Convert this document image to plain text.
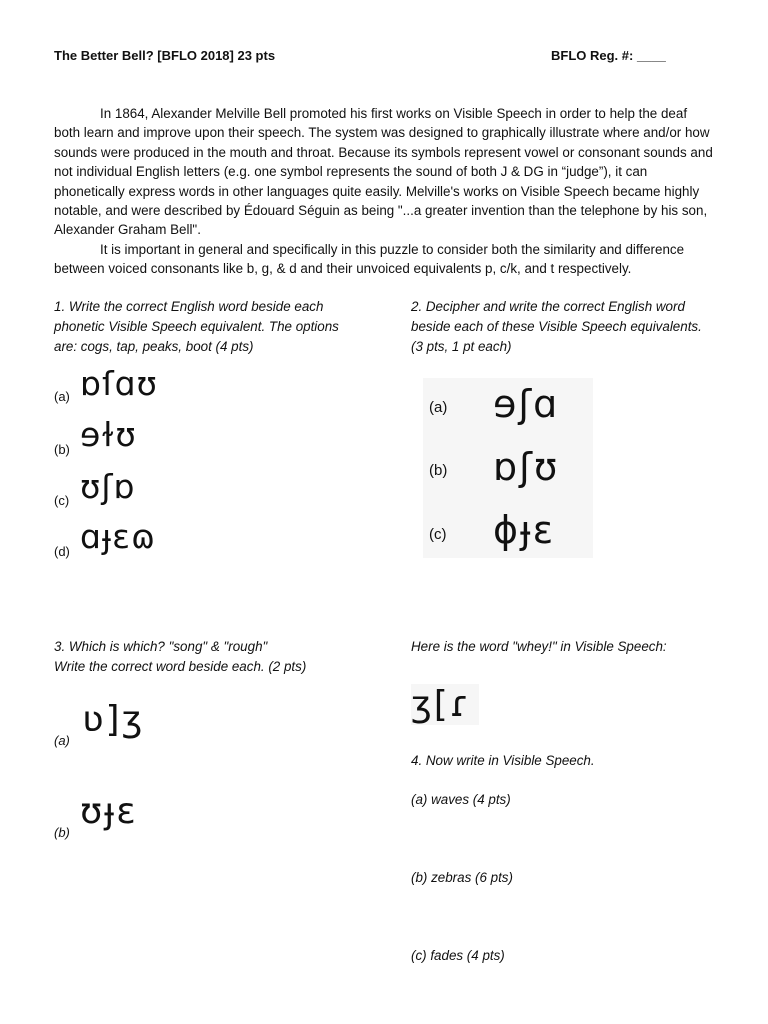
The Better Bell? [BFLO 2018] 23 pts	BFLO Reg. #: ____

In 1864, Alexander Melville Bell promoted his first works on Visible Speech in order to help the deaf both learn and improve upon their speech. The system was designed to graphically illustrate where and/or how sounds were produced in the mouth and throat. Because its symbols represent vowel or consonant sounds and not individual English letters (e.g. one symbol represents the sound of both J & DG in “judge”), it can phonetically express words in other languages quite easily. Melville's works on Visible Speech became highly notable, and were described by Édouard Séguin as being "...a greater invention than the telephone by his son, Alexander Graham Bell".

It is important in general and specifically in this puzzle to consider both the similarity and difference between voiced consonants like b, g, & d and their unvoiced equivalents p, c/k, and t respectively.

1. Write the correct English word beside each
phonetic Visible Speech equivalent. The options
are: cogs, tap, peaks, boot (4 pts)
(a) ɒſɑʊ
(b) ɘɫʊ
(c) ʊʃɒ
(d) ɑɟɛɷ
2. Decipher and write the correct English word
beside each of these Visible Speech equivalents.
(3 pts, 1 pt each)
(a) ɘʃɑ
(b) ɒʃʊ
(c) ɸɟɛ
3. Which is which? "song" & "rough"
Write the correct word beside each. (2 pts)
(a)
ʋ]ʒ
(b)
ʊɟɛ
Here is the word "whey!" in Visible Speech:
ʒ[ɾ
4. Now write in Visible Speech.
(a) waves (4 pts)
(b) zebras (6 pts)
(c) fades (4 pts)
